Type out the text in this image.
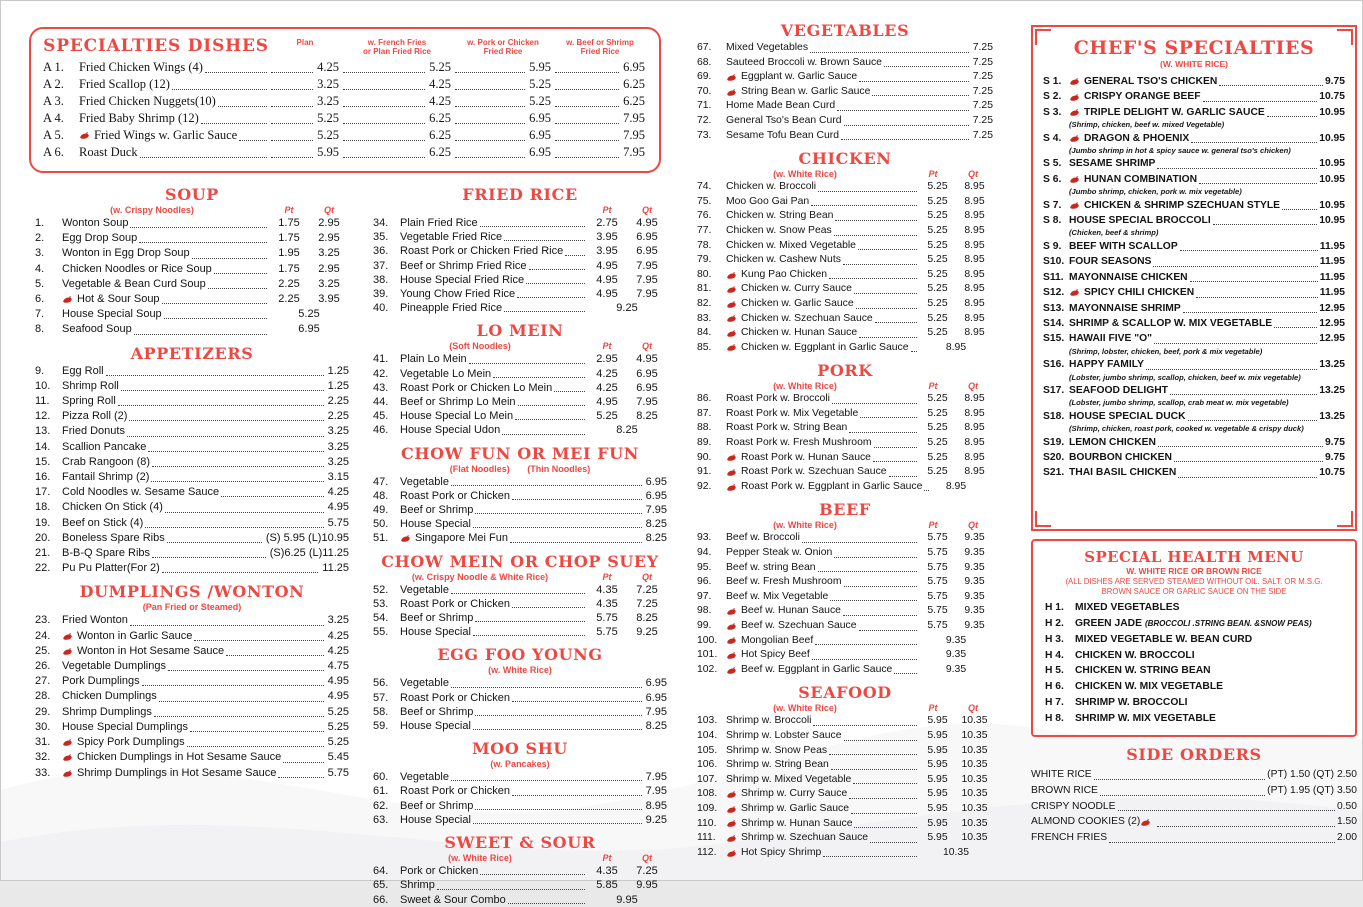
SPECIALTIES DISHES	Plan	w. French Fries
or Plan Fried Rice
w. Pork or Chicken
Fried Rice
w. Beef or Shrimp
Fried Rice
A 1.	Fried Chicken Wings (4)	4.25	5.25	5.95	6.95
A 2.	Fried Scallop (12)	3.25	4.25	5.25	6.25
A 3.	Fried Chicken Nuggets(10)	3.25	4.25	5.25	6.25
A 4.	Fried Baby Shrimp (12)	5.25	6.25	6.95	7.95
A 5.	Fried Wings w. Garlic Sauce	5.25	6.25	6.95	7.95
A 6.	Roast Duck	5.95	6.25	6.95	7.95
SOUP
(w. Crispy Noodles)	Pt	Qt
1.	Wonton Soup	1.75	2.95
2.	Egg Drop Soup	1.75	2.95
3.	Wonton in Egg Drop Soup	1.95	3.25
4.	Chicken Noodles or Rice Soup	1.75	2.95
5.	Vegetable & Bean Curd Soup	2.25	3.25
6.	Hot & Sour Soup	2.25	3.95
7.	House Special Soup	5.25
8.	Seafood Soup	6.95
APPETIZERS
9.	Egg Roll	1.25
10.	Shrimp Roll	1.25
11.	Spring Roll	2.25
12.	Pizza Roll (2)	2.25
13.	Fried Donuts	3.25
14.	Scallion Pancake	3.25
15.	Crab Rangoon (8)	3.25
16.	Fantail Shrimp (2)	3.15
17.	Cold Noodles w. Sesame Sauce	4.25
18.	Chicken On Stick (4)	4.95
19.	Beef on Stick (4)	5.75
20.	Boneless Spare Ribs	(S) 5.95 (L)10.95
21.	B-B-Q Spare Ribs	(S)6.25 (L)11.25
22.	Pu Pu Platter(For 2)	11.25
DUMPLINGS /WONTON
(Pan Fried or Steamed)
23.	Fried Wonton	3.25
24.	Wonton in Garlic Sauce	4.25
25.	Wonton in Hot Sesame Sauce	4.25
26.	Vegetable Dumplings	4.75
27.	Pork Dumplings	4.95
28.	Chicken Dumplings	4.95
29.	Shrimp Dumplings	5.25
30.	House Special Dumplings	5.25
31.	Spicy Pork Dumplings	5.25
32.	Chicken Dumplings in Hot Sesame Sauce	5.45
33.	Shrimp Dumplings in Hot Sesame Sauce	5.75
FRIED RICE
Pt	Qt
34.	Plain Fried Rice	2.75	4.95
35.	Vegetable Fried Rice	3.95	6.95
36.	Roast Pork or Chicken Fried Rice	3.95	6.95
37.	Beef or Shrimp Fried Rice	4.95	7.95
38.	House Special Fried Rice	4.95	7.95
39.	Young Chow Fried Rice	4.95	7.95
40.	Pineapple Fried Rice	9.25
LO MEIN
(Soft Noodles)	Pt	Qt
41.	Plain Lo Mein	2.95	4.95
42.	Vegetable Lo Mein	4.25	6.95
43.	Roast Pork or Chicken Lo Mein	4.25	6.95
44.	Beef or Shrimp Lo Mein	4.95	7.95
45.	House Special Lo Mein	5.25	8.25
46.	House Special Udon	8.25
CHOW FUN OR MEI FUN
(Flat Noodles)       (Thin Noodles)
47.	Vegetable	6.95
48.	Roast Pork or Chicken	6.95
49.	Beef or Shrimp	7.95
50.	House Special	8.25
51.	Singapore Mei Fun	8.25
CHOW MEIN OR CHOP SUEY
(w. Crispy Noodle & White Rice)	Pt	Qt
52.	Vegetable	4.35	7.25
53.	Roast Pork or Chicken	4.35	7.25
54.	Beef or Shrimp	5.75	8.25
55.	House Special	5.75	9.25
EGG FOO YOUNG
(w. White Rice)
56.	Vegetable	6.95
57.	Roast Pork or Chicken	6.95
58.	Beef or Shrimp	7.95
59.	House Special	8.25
MOO SHU
(w. Pancakes)
60.	Vegetable	7.95
61.	Roast Pork or Chicken	7.95
62.	Beef or Shrimp	8.95
63.	House Special	9.25
SWEET & SOUR
(w. White Rice)	Pt	Qt
64.	Pork or Chicken	4.35	7.25
65.	Shrimp	5.85	9.95
66.	Sweet & Sour Combo	9.95
VEGETABLES
67.	Mixed Vegetables	7.25
68.	Sauteed Broccoli w. Brown Sauce	7.25
69.	Eggplant w. Garlic Sauce	7.25
70.	String Bean w. Garlic Sauce	7.25
71.	Home Made Bean Curd	7.25
72.	General Tso's Bean Curd	7.25
73.	Sesame Tofu Bean Curd	7.25
CHICKEN
(w. White Rice)	Pt	Qt
74.	Chicken w. Broccoli	5.25	8.95
75.	Moo Goo Gai Pan	5.25	8.95
76.	Chicken w. String Bean	5.25	8.95
77.	Chicken w. Snow Peas	5.25	8.95
78.	Chicken w. Mixed Vegetable	5.25	8.95
79.	Chicken w. Cashew Nuts	5.25	8.95
80.	Kung Pao Chicken	5.25	8.95
81.	Chicken w. Curry Sauce	5.25	8.95
82.	Chicken w. Garlic Sauce	5.25	8.95
83.	Chicken w. Szechuan Sauce	5.25	8.95
84.	Chicken w. Hunan Sauce	5.25	8.95
85.	Chicken w. Eggplant in Garlic Sauce	8.95
PORK
(w. White Rice)	Pt	Qt
86.	Roast Pork w. Broccoli	5.25	8.95
87.	Roast Pork w. Mix Vegetable	5.25	8.95
88.	Roast Pork w. String Bean	5.25	8.95
89.	Roast Pork w. Fresh Mushroom	5.25	8.95
90.	Roast Pork w. Hunan Sauce	5.25	8.95
91.	Roast Pork w. Szechuan Sauce	5.25	8.95
92.	Roast Pork w. Eggplant in Garlic Sauce	8.95
BEEF
(w. White Rice)	Pt	Qt
93.	Beef w. Broccoli	5.75	9.35
94.	Pepper Steak w. Onion	5.75	9.35
95.	Beef w. string Bean	5.75	9.35
96.	Beef w. Fresh Mushroom	5.75	9.35
97.	Beef w. Mix Vegetable	5.75	9.35
98.	Beef w. Hunan Sauce	5.75	9.35
99.	Beef w. Szechuan Sauce	5.75	9.35
100.	Mongolian Beef	9.35
101.	Hot Spicy Beef	9.35
102.	Beef w. Eggplant in Garlic Sauce	9.35
SEAFOOD
(w. White Rice)	Pt	Qt
103. Shrimp w. Broccoli	5.95	10.35
104. Shrimp w. Lobster Sauce	5.95	10.35
105. Shrimp w. Snow Peas	5.95	10.35
106. Shrimp w. String Bean	5.95	10.35
107. Shrimp w. Mixed Vegetable	5.95	10.35
108.	Shrimp w. Curry Sauce	5.95	10.35
109.	Shrimp w. Garlic Sauce	5.95	10.35
110.	Shrimp w. Hunan Sauce	5.95	10.35
111.	Shrimp w. Szechuan Sauce	5.95	10.35
112.	Hot Spicy Shrimp	10.35
CHEF'S SPECIALTIES
(W. WHITE RICE)
S 1.	GENERAL TSO'S CHICKEN	9.75
S 2.	CRISPY ORANGE BEEF	10.75
S 3.	TRIPLE DELIGHT W. GARLIC SAUCE	10.95
(Shrimp, chicken, beef w. mixed Vegetable)
S 4.	DRAGON & PHOENIX	10.95
(Jumbo shrimp in hot & spicy sauce w. general tso's chicken)
S 5. SESAME SHRIMP	10.95
S 6.	HUNAN COMBINATION	10.95
(Jumbo shrimp, chicken, pork w. mix vegetable)
S 7.	CHICKEN & SHRIMP SZECHUAN STYLE	10.95
S 8. HOUSE SPECIAL BROCCOLI	10.95
(Chicken, beef & shrimp)
S 9. BEEF WITH SCALLOP	11.95
S10. FOUR SEASONS	11.95
S11. MAYONNAISE CHICKEN	11.95
S12.	SPICY CHILI CHICKEN	11.95
S13. MAYONNAISE SHRIMP	12.95
S14. SHRIMP & SCALLOP W. MIX VEGETABLE	12.95
S15. HAWAII FIVE "O"	12.95
(Shrimp, lobster, chicken, beef, pork & mix vegetable)
S16. HAPPY FAMILY	13.25
(Lobster, jumbo shrimp, scallop, chicken, beef w. mix vegetable)
S17. SEAFOOD DELIGHT	13.25
(Lobster, jumbo shrimp, scallop, crab meat w. mix vegetable)
S18. HOUSE SPECIAL DUCK	13.25
(Shrimp, chicken, roast pork, cooked w. vegetable & crispy duck)
S19. LEMON CHICKEN	9.75
S20. BOURBON CHICKEN	9.75
S21. THAI BASIL CHICKEN	10.75
SPECIAL HEALTH MENU
W. WHITE RICE OR BROWN RICE
(ALL DISHES ARE SERVED STEAMED WITHOUT OIL. SALT. OR M.S.G.
BROWN SAUCE OR GARLIC SAUCE ON THE SIDE
H 1.	MIXED VEGETABLES
H 2.	GREEN JADE (BROCCOLI .STRING BEAN. &SNOW PEAS)
H 3.	MIXED VEGETABLE W. BEAN CURD
H 4.	CHICKEN W. BROCCOLI
H 5.	CHICKEN W. STRING BEAN
H 6.	CHICKEN W. MIX VEGETABLE
H 7.	SHRIMP W. BROCCOLI
H 8.	SHRIMP W. MIX VEGETABLE
SIDE ORDERS
WHITE RICE	(PT) 1.50 (QT) 2.50
BROWN RICE	(PT) 1.95 (QT) 3.50
CRISPY NOODLE	0.50
ALMOND COOKIES (2)	1.50
FRENCH FRIES	2.00
